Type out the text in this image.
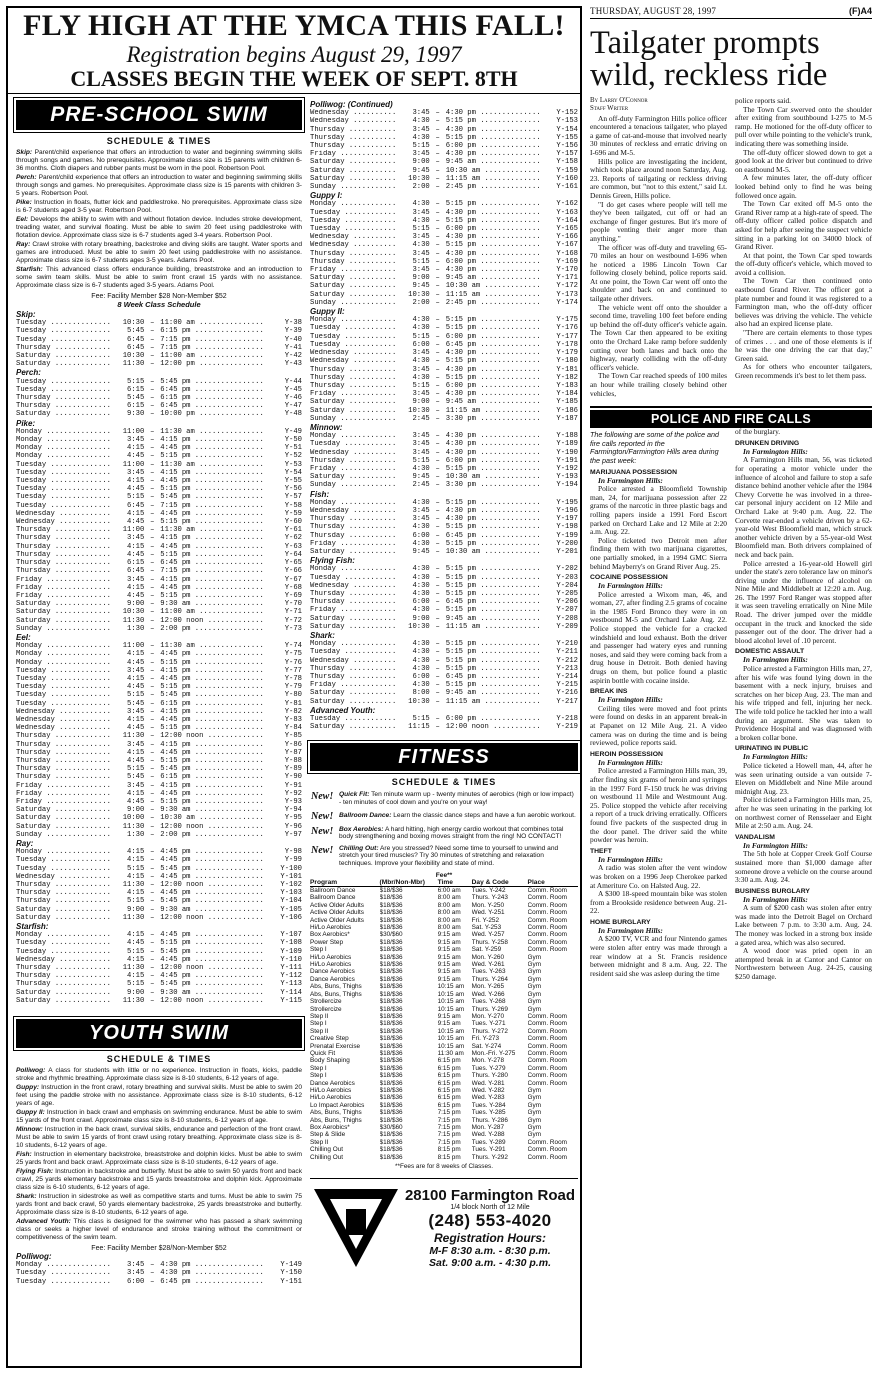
FLY HIGH AT THE YMCA THIS FALL!
Registration begins August 29, 1997
CLASSES BEGIN THE WEEK OF SEPT. 8TH
PRE-SCHOOL SWIM
SCHEDULE & TIMES

Skip: Parent/child experience that offers an introduction to water and beginning swimming skills through songs and games. No prerequisites. Approximate class size is 15 parents with children 6-36 months. Cloth diapers and rubber pants must be worn in the pool. Robertson Pool.

Perch: Parent/child experience that offers an introduction to water and beginning swimming skills through songs and games. No prerequisites. Approximate class size is 15 parents with children 3-5 years. Robertson Pool.

Pike: Instruction in floats, flutter kick and paddlestroke. No prerequisites. Approximate class size is 6-7 students aged 3-5 year. Robertson Pool.

Eel: Develops the ability to swim with and without flotation device. Includes stroke development, treading water, and survival floating. Must be able to swim 20 feet using paddlestroke with flotation device. Approximate class size is 6-7 students aged 3-4 years. Robertson Pool.

Ray: Crawl stroke with rotary breathing, backstroke and diving skills are taught. Water sports and games are introduced. Must be able to swim 20 feet using paddlestroke with no assistance. Approximate class size is 6-7 students ages 3-5 years. Adams Pool.

Starfish: This advanced class offers endurance building, breaststroke and an introduction to some swim team skills. Must be able to swim front crawl 15 yards with no assistance. Approximate class size is 6-7 students aged 3-5 years. Adams Pool.

Fee: Facility Member $28 Non-Member $52
8 Week Class Schedule
Skip:
Tuesday .....	10:30 – 11:00 am .....	Y-38
Tuesday .....	5:45 – 6:15 pm .....	Y-39
Tuesday .....	6:45 – 7:15 pm .....	Y-40
Thursday .....	6:45 – 7:15 pm .....	Y-41
Saturday .....	10:30 – 11:00 am .....	Y-42
Saturday .....	11:30 – 12:00 pm .....	Y-43
Perch:
Tuesday .....	5:15 – 5:45 pm .....	Y-44
Tuesday .....	6:15 – 6:45 pm .....	Y-45
Thursday .....	5:45 – 6:15 pm .....	Y-46
Thursday .....	6:15 – 6:45 pm .....	Y-47
Saturday .....	9:30 – 10:00 pm .....	Y-48
Pike:
Monday .....	11:00 – 11:30 am .....	Y-49
Monday .....	3:45 – 4:15 pm .....	Y-50
Monday .....	4:15 – 4:45 pm .....	Y-51
Monday .....	4:45 – 5:15 pm .....	Y-52
Tuesday .....	11:00 – 11:30 am .....	Y-53
Tuesday .....	3:45 – 4:15 pm .....	Y-54
Tuesday .....	4:15 – 4:45 pm .....	Y-55
Tuesday .....	4:45 – 5:15 pm .....	Y-56
Tuesday .....	5:15 – 5:45 pm .....	Y-57
Tuesday .....	6:45 – 7:15 pm .....	Y-58
Wednesday .....	4:15 – 4:45 pm .....	Y-59
Wednesday .....	4:45 – 5:15 pm .....	Y-60
Thursday .....	11:00 – 11:30 am .....	Y-61
Thursday .....	3:45 – 4:15 pm .....	Y-62
Thursday .....	4:15 – 4:45 pm .....	Y-63
Thursday .....	4:45 – 5:15 pm .....	Y-64
Thursday .....	6:15 – 6:45 pm .....	Y-65
Thursday .....	6:45 – 7:15 pm .....	Y-66
Friday .....	3:45 – 4:15 pm .....	Y-67
Friday .....	4:15 – 4:45 pm .....	Y-68
Friday .....	4:45 – 5:15 pm .....	Y-69
Saturday .....	9:00 – 9:30 am .....	Y-70
Saturday .....	10:30 – 11:00 am .....	Y-71
Saturday .....	11:30 – 12:00 noon .....	Y-72
Sunday .....	1:30 – 2:00 pm .....	Y-73
Eel:
Monday .....	11:00 – 11:30 am .....	Y-74
Monday .....	4:15 – 4:45 pm .....	Y-75
Monday .....	4:45 – 5:15 pm .....	Y-76
Tuesday .....	3:45 – 4:15 pm .....	Y-77
Tuesday .....	4:15 – 4:45 pm .....	Y-78
Tuesday .....	4:45 – 5:15 pm .....	Y-79
Tuesday .....	5:15 – 5:45 pm .....	Y-80
Tuesday .....	5:45 – 6:15 pm .....	Y-81
Wednesday .....	3:45 – 4:15 pm .....	Y-82
Wednesday .....	4:15 – 4:45 pm .....	Y-83
Wednesday .....	4:45 – 5:15 pm .....	Y-84
Thursday .....	11:30 – 12:00 noon .....	Y-85
Thursday .....	3:45 – 4:15 pm .....	Y-86
Thursday .....	4:15 – 4:45 pm .....	Y-87
Thursday .....	4:45 – 5:15 pm .....	Y-88
Thursday .....	5:15 – 5:45 pm .....	Y-89
Thursday .....	5:45 – 6:15 pm .....	Y-90
Friday .....	3:45 – 4:15 pm .....	Y-91
Friday .....	4:15 – 4:45 pm .....	Y-92
Friday .....	4:45 – 5:15 pm .....	Y-93
Saturday .....	9:00 – 9:30 am .....	Y-94
Saturday .....	10:00 – 10:30 am .....	Y-95
Saturday .....	11:30 – 12:00 noon .....	Y-96
Sunday .....	1:30 – 2:00 pm .....	Y-97
Ray:
Monday .....	4:15 – 4:45 pm .....	Y-98
Tuesday .....	4:15 – 4:45 pm .....	Y-99
Tuesday .....	5:15 – 5:45 pm .....	Y-100
Wednesday .....	4:15 – 4:45 pm .....	Y-101
Thursday .....	11:30 – 12:00 noon .....	Y-102
Thursday .....	4:15 – 4:45 pm .....	Y-103
Thursday .....	5:15 – 5:45 pm .....	Y-104
Saturday .....	9:00 – 9:30 am .....	Y-105
Saturday .....	11:30 – 12:00 noon .....	Y-106
Starfish:
Monday .....	4:15 – 4:45 pm .....	Y-107
Tuesday .....	4:45 – 5:15 pm .....	Y-108
Tuesday .....	5:15 – 5:45 pm .....	Y-109
Wednesday .....	4:15 – 4:45 pm .....	Y-110
Thursday .....	11:30 – 12:00 noon .....	Y-111
Thursday .....	4:15 – 4:45 pm .....	Y-112
Thursday .....	5:15 – 5:45 pm .....	Y-113
Saturday .....	9:00 – 9:30 am .....	Y-114
Saturday .....	11:30 – 12:00 noon .....	Y-115
YOUTH SWIM
SCHEDULE & TIMES

Polliwog: A class for students with little or no experience. Instruction in floats, kicks, paddle stroke and rhythmic breathing. Approximate class size is 8-10 students, 6-12 years of age.

Guppy: Instruction in the front crawl, rotary breathing and survival skills. Must be able to swim 20 feet using the paddle stroke with no assistance. Approximate class size is 8-10 students, 6-12 years of age.

Guppy II: Instruction in back crawl and emphasis on swimming endurance. Must be able to swim 15 yards of the front crawl. Approximate class size is 8-10 students, 6-12 years of age.

Minnow: Instruction in the back crawl, survival skills, endurance and perfection of the front crawl. Must be able to swim 15 yards of front crawl using rotary breathing. Approximate class size is 8-10 students, 6-12 years of age.

Fish: Instruction in elementary backstroke, breaststroke and dolphin kicks. Must be able to swim 25 yards front and back crawl. Approximate class size is 8-10 students, 6-12 years of age.

Flying Fish: Instruction in backstroke and butterfly. Must be able to swim 50 yards front and back crawl, 25 yards elementary backstroke and 15 yards breaststroke and dolphin kick. Approximate class size is 6-10 students, 6-12 years of age.

Shark: Instruction in sidestroke as well as competitive starts and turns. Must be able to swim 75 yards front and back crawl, 50 yards elementary backstroke, 25 yards breaststroke and butterfly. Approximate class size is 8-10 students, 6-12 years of age.

Advanced Youth: This class is designed for the swimmer who has passed a shark swimming class or seeks a higher level of endurance and stroke training without the commitment or competitiveness of the swim team.

Fee: Facility Member $28/Non-Member $52
Polliwog:
Monday .....	3:45 – 4:30 pm .....	Y-149
Tuesday .....	3:45 – 4:30 pm .....	Y-150
Tuesday .....	6:00 – 6:45 pm .....	Y-151
Polliwog: (Continued)
Wednesday .....	3:45 – 4:30 pm .....	Y-152
Wednesday .....	4:30 – 5:15 pm .....	Y-153
Thursday .....	3:45 – 4:30 pm .....	Y-154
Thursday .....	4:30 – 5:15 pm .....	Y-155
Thursday .....	5:15 – 6:00 pm .....	Y-156
Friday .....	3:45 – 4:30 pm .....	Y-157
Saturday .....	9:00 – 9:45 am .....	Y-158
Saturday .....	9:45 – 10:30 am .....	Y-159
Saturday .....	10:30 – 11:15 am .....	Y-160
Sunday .....	2:00 – 2:45 pm .....	Y-161
Guppy I:
Monday .....	4:30 – 5:15 pm .....	Y-162
Tuesday .....	3:45 – 4:30 pm .....	Y-163
Tuesday .....	4:30 – 5:15 pm .....	Y-164
Tuesday .....	5:15 – 6:00 pm .....	Y-165
Wednesday .....	3:45 – 4:30 pm .....	Y-166
Wednesday .....	4:30 – 5:15 pm .....	Y-167
Thursday .....	3:45 – 4:30 pm .....	Y-168
Thursday .....	5:15 – 6:00 pm .....	Y-169
Friday .....	3:45 – 4:30 pm .....	Y-170
Saturday .....	9:00 – 9:45 am .....	Y-171
Saturday .....	9:45 – 10:30 am .....	Y-172
Saturday .....	10:30 – 11:15 am .....	Y-173
Sunday .....	2:00 – 2:45 pm .....	Y-174
Guppy II:
Monday .....	4:30 – 5:15 pm .....	Y-175
Tuesday .....	4:30 – 5:15 pm .....	Y-176
Tuesday .....	5:15 – 6:00 pm .....	Y-177
Tuesday .....	6:00 – 6:45 pm .....	Y-178
Wednesday .....	3:45 – 4:30 pm .....	Y-179
Wednesday .....	4:30 – 5:15 pm .....	Y-180
Thursday .....	3:45 – 4:30 pm .....	Y-181
Thursday .....	4:30 – 5:15 pm .....	Y-182
Thursday .....	5:15 – 6:00 pm .....	Y-183
Friday .....	3:45 – 4:30 pm .....	Y-184
Saturday .....	9:00 – 9:45 am .....	Y-185
Saturday .....	10:30 – 11:15 am .....	Y-186
Sunday .....	2:45 – 3:30 pm .....	Y-187
Minnow:
Monday .....	3:45 – 4:30 pm .....	Y-188
Tuesday .....	3:45 – 4:30 pm .....	Y-189
Wednesday .....	3:45 – 4:30 pm .....	Y-190
Thursday .....	5:15 – 6:00 pm .....	Y-191
Friday .....	4:30 – 5:15 pm .....	Y-192
Saturday .....	9:45 – 10:30 am .....	Y-193
Sunday .....	2:45 – 3:30 pm .....	Y-194
Fish:
Monday .....	4:30 – 5:15 pm .....	Y-195
Wednesday .....	3:45 – 4:30 pm .....	Y-196
Thursday .....	3:45 – 4:30 pm .....	Y-197
Thursday .....	4:30 – 5:15 pm .....	Y-198
Thursday .....	6:00 – 6:45 pm .....	Y-199
Friday .....	4:30 – 5:15 pm .....	Y-200
Saturday .....	9:45 – 10:30 am .....	Y-201
Flying Fish:
Monday .....	4:30 – 5:15 pm .....	Y-202
Tuesday .....	4:30 – 5:15 pm .....	Y-203
Wednesday .....	4:30 – 5:15 pm .....	Y-204
Thursday .....	4:30 – 5:15 pm .....	Y-205
Thursday .....	6:00 – 6:45 pm .....	Y-206
Friday .....	4:30 – 5:15 pm .....	Y-207
Saturday .....	9:00 – 9:45 am .....	Y-208
Saturday .....	10:30 – 11:15 am .....	Y-209
Shark:
Monday .....	4:30 – 5:15 pm .....	Y-210
Tuesday .....	4:30 – 5:15 pm .....	Y-211
Wednesday .....	4:30 – 5:15 pm .....	Y-212
Thursday .....	4:30 – 5:15 pm .....	Y-213
Thursday .....	6:00 – 6:45 pm .....	Y-214
Friday .....	4:30 – 5:15 pm .....	Y-215
Saturday .....	8:00 – 9:45 am .....	Y-216
Saturday .....	10:30 – 11:15 am .....	Y-217
Advanced Youth:
Tuesday .....	5:15 – 6:00 pm .....	Y-218
Saturday .....	11:15 – 12:00 noon .....	Y-219
FITNESS
SCHEDULE & TIMES
New!	Quick Fit: Ten minute warm up - twenty minutes of aerobics (high or low impact) - ten minutes of cool down and you're on your way!
New!	Ballroom Dance: Learn the classic dance steps and have a fun aerobic workout.
New!	Box Aerobics: A hard hitting, high energy cardio workout that combines total body strengthening and boxing moves straight from the ring! NO CONTACT!
New!	Chilling Out: Are you stressed? Need some time to yourself to unwind and stretch your tired muscles? Try 30 minutes of stretching and relaxation techniques. Improve your flexibility and state of mind.
Fee**
Program	(Mbr/Non-Mbr)	Time	Day & Code	Place
Ballroom Dance	$18/$36	6:00 am	Tues. Y-242	Comm. Room
Ballroom Dance	$18/$36	8:00 am	Thurs. Y-243	Comm. Room
Active Older Adults	$18/$36	8:00 am	Mon. Y-250	Comm. Room
Active Older Adults	$18/$36	8:00 am	Wed. Y-251	Comm. Room
Active Older Adults	$18/$36	8:00 am	Fri. Y-252	Comm. Room
Hi/Lo Aerobics	$18/$36	8:00 am	Sat. Y-253	Comm. Room
Box Aerobics*	$30/$60	9:15 am	Wed. Y-257	Comm. Room
Power Step	$18/$36	9:15 am	Thurs. Y-258	Comm. Room
Step I	$18/$36	9:15 am	Sat. Y-259	Comm. Room
Hi/Lo Aerobics	$18/$36	9:15 am	Mon. Y-260	Gym
Hi/Lo Aerobics	$18/$36	9:15 am	Wed. Y-261	Gym
Dance Aerobics	$18/$36	9:15 am	Tues. Y-263	Gym
Dance Aerobics	$18/$36	9:15 am	Thurs. Y-264	Gym
Abs, Buns, Thighs	$18/$36	10:15 am	Mon. Y-265	Gym
Abs, Buns, Thighs	$18/$36	10:15 am	Wed. Y-266	Gym
Strollercize	$18/$36	10:15 am	Tues. Y-268	Gym
Strollercize	$18/$36	10:15 am	Thurs. Y-269	Gym
Step II	$18/$36	9:15 am	Mon. Y-270	Comm. Room
Step I	$18/$36	9:15 am	Tues. Y-271	Comm. Room
Step II	$18/$36	10:15 am	Thurs. Y-272	Comm. Room
Creative Step	$18/$36	10:15 am	Fri. Y-273	Comm. Room
Prenatal Exercise	$18/$36	10:15 am	Sat. Y-274	Comm. Room
Quick Fit	$18/$36	11:30 am	Mon.-Fri. Y-275	Comm. Room
Body Shaping	$18/$36	6:15 pm	Mon. Y-278	Comm. Room
Step I	$18/$36	6:15 pm	Tues. Y-279	Comm. Room
Step I	$18/$36	6:15 pm	Thurs. Y-280	Comm. Room
Dance Aerobics	$18/$36	6:15 pm	Wed. Y-281	Comm. Room
Hi/Lo Aerobics	$18/$36	6:15 pm	Wed. Y-282	Gym
Hi/Lo Aerobics	$18/$36	6:15 pm	Wed. Y-283	Gym
Lo Impact Aerobics	$18/$36	6:15 pm	Tues. Y-284	Gym
Abs, Buns, Thighs	$18/$36	7:15 pm	Tues. Y-285	Gym
Abs, Buns, Thighs	$18/$36	7:15 pm	Thurs. Y-286	Gym
Box Aerobics*	$30/$60	7:15 pm	Mon. Y-287	Gym
Step & Slide	$18/$36	7:15 pm	Wed. Y-288	Gym
Step II	$18/$36	7:15 pm	Tues. Y-289	Comm. Room
Chilling Out	$18/$36	8:15 pm	Tues. Y-291	Comm. Room
Chilling Out	$18/$36	8:15 pm	Thurs. Y-292	Comm. Room
**Fees are for 8 weeks of Classes.
28100 Farmington Road
1/4 block North of 12 Mile
(248) 553-4020
Registration Hours:
M-F 8:30 a.m. - 8:30 p.m.
Sat. 9:00 a.m. - 4:30 p.m.
THURSDAY, AUGUST 28, 1997	(F)A4
Tailgater prompts wild, reckless ride
By Larry O'Connor
Staff Writer

An off-duty Farmington Hills police officer encountered a tenacious tailgater, who played a game of cat-and-mouse that involved nearly 30 minutes of reckless and erratic driving on I-696 and M-5.

Hills police are investigating the incident, which took place around noon Saturday, Aug. 23. Reports of tailgating or reckless driving are common, but "not to this extent," said Lt. Dennis Green, Hills police.

"I do get cases where people will tell me they've been tailgated, cut off or had an exchange of finger gestures. But it's more of people venting their anger more than anything."

The officer was off-duty and traveling 65-70 miles an hour on westbound I-696 when he noticed a 1986 Lincoln Town Car following closely behind, police reports said. At one point, the Town Car went off onto the shoulder and back on and continued to tailgate other drivers.

The vehicle went off onto the shoulder a second time, traveling 100 feet before ending up behind the off-duty officer's vehicle again. The Town Car then appeared to be exiting onto the Orchard Lake ramp before suddenly cutting over both lanes and back onto the highway, nearly colliding with the off-duty officer's vehicle.

The Town Car reached speeds of 100 miles an hour while trailing closely behind other vehicles,

police reports said.

The Town Car swerved onto the shoulder after exiting from southbound I-275 to M-5 ramp. He motioned for the off-duty officer to pull over while pointing to the vehicle's trunk, indicating there was something inside.

The off-duty officer slowed down to get a good look at the driver but continued to drive on eastbound M-5.

A few minutes later, the off-duty officer looked behind only to find he was being followed once again.

The Town Car exited off M-5 onto the Grand River ramp at a high-rate of speed. The off-duty officer called police dispatch and asked for help after seeing the suspect vehicle sitting in a parking lot on 34000 block of Grand River.

At that point, the Town Car sped towards the off-duty officer's vehicle, which moved to avoid a collision.

The Town Car then continued onto eastbound Grand River. The officer got a plate number and found it was registered to a Farmington man, who the off-duty officer believes was driving the vehicle. The vehicle also had an expired license plate.

"There are certain elements to those types of crimes . . . and one of those elements is if he was the one driving the car that day," Green said.

As for others who encounter tailgaters, Green recommends it's best to let them pass.

POLICE AND FIRE CALLS
The following are some of the police and fire calls reported in the Farmington/Farmington Hills area during the past week:
MARIJUANA POSSESSION

In Farmington Hills:

Police arrested a Bloomfield Township man, 24, for marijuana possession after 22 grams of the narcotic in three plastic bags and rolling papers inside a 1991 Ford Escort parked on Orchard Lake and 12 Mile at 2:20 a.m. Aug. 22.

Police ticketed two Detroit men after finding them with two marijuana cigarettes, one partially smoked, in a 1994 GMC Sierra behind Mayberry's on Grand River Aug. 25.

COCAINE POSSESSION

In Farmington Hills:

Police arrested a Wixom man, 46, and woman, 27, after finding 2.5 grams of cocaine in the 1985 Ford Bronco they were in on westbound M-5 and Orchard Lake Aug. 22. Police stopped the vehicle for a cracked windshield and loud exhaust. Both the driver and passenger had watery eyes and running noses, and said they were coming back from a drug house in Detroit. Both denied having drugs on them, but police found a plastic aspirin bottle with cocaine inside.

BREAK INS

In Farmington Hills:

Ceiling tiles were moved and foot prints were found on desks in an apparent break-in at Papanet on 12 Mile Aug. 21. A video camera was on during the time and is being reviewed, police reports said.

HEROIN POSSESSION

In Farmington Hills:

Police arrested a Farmington Hills man, 39, after finding six grams of heroin and syringes in the 1997 Ford F-150 truck he was driving on westbound 11 Mile and Westmount Aug. 25. Police stopped the vehicle after receiving a report of a truck driving erratically. Officers found five packets of the suspected drug in the door panel. The driver said the white powder was heroin.

THEFT

In Farmington Hills:

A radio was stolen after the vent window was broken on a 1996 Jeep Cherokee parked at Ameriture Co. on Halsted Aug. 22.

A $300 18-speed mountain bike was stolen from a Brookside residence between Aug. 21-22.

HOME BURGLARY

In Farmington Hills:

A $200 TV, VCR and four Nintendo games were stolen after entry was made through a rear window at a St. Francis residence between midnight and 8 a.m. Aug. 22. The resident said she was asleep during the time

of the burglary.

DRUNKEN DRIVING

In Farmington Hills:

A Farmington Hills man, 56, was ticketed for operating a motor vehicle under the influence of alcohol and failure to stop a safe distance behind another vehicle after the 1984 Chevy Corvette he was involved in a three-car personal injury accident on 12 Mile and Orchard Lake at 9:40 p.m. Aug. 22. The Corvette rear-ended a vehicle driven by a 62-year-old West Bloomfield man, which struck another vehicle driven by a 55-year-old West Bloomfield man. Both drivers complained of neck and back pain.

Police arrested a 16-year-old Howell girl under the state's zero tolerance law on minor's driving under the influence of alcohol on Nine Mile and Middlebelt at 12:20 a.m. Aug. 26. The 1997 Ford Ranger was stopped after it was seen traveling erratically on Nine Mile Road. The driver jumped over the middle occupant in the truck and knocked the side passenger out of the door. The driver had a blood alcohol level of .10 percent.

DOMESTIC ASSAULT

In Farmington Hills:

Police arrested a Farmington Hills man, 27, after his wife was found lying down in the basement with a neck injury, bruises and scratches on her bicep Aug. 23. The man and his wife tripped and fell, injuring her neck. The wife told police he tackled her into a wall during an argument. She was taken to Providence Hospital and was diagnosed with a broken collar bone.

URINATING IN PUBLIC

In Farmington Hills:

Police ticketed a Howell man, 44, after he was seen urinating outside a van outside 7-Eleven on Middlebelt and Nine Mile around midnight Aug. 23.

Police ticketed a Farmington Hills man, 25, after he was seen urinating in the parking lot on northwest corner of Rensselaer and Eight Mile at 2:50 a.m. Aug. 24.

VANDALISM

In Farmington Hills:

The 5th hole at Copper Creek Golf Course sustained more than $1,000 damage after someone drove a vehicle on the course around 3:30 a.m. Aug. 24.

BUSINESS BURGLARY

In Farmington Hills:

A sum of $200 cash was stolen after entry was made into the Detroit Bagel on Orchard Lake between 7 p.m. to 3:30 a.m. Aug. 24. The money was locked in a strong box inside a gated area, which was also secured.

A wood door was pried open in an attempted break in at Cantor and Cantor on Northwestern between Aug. 24-25, causing $250 damage.
